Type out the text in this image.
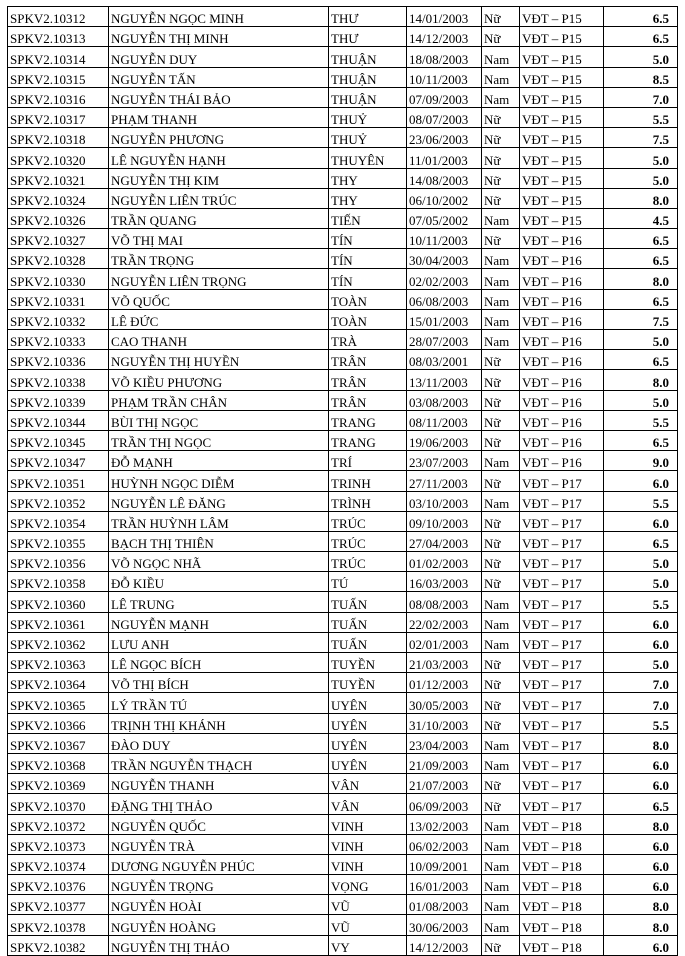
SPKV2.10312	NGUYỄN NGỌC MINH	THƯ	14/01/2003	Nữ	VĐT – P15	6.5
SPKV2.10313	NGUYỄN THỊ MINH	THƯ	14/12/2003	Nữ	VĐT – P15	6.5
SPKV2.10314	NGUYỄN DUY	THUẬN	18/08/2003	Nam	VĐT – P15	5.0
SPKV2.10315	NGUYỄN TẤN	THUẬN	10/11/2003	Nam	VĐT – P15	8.5
SPKV2.10316	NGUYỄN THÁI BẢO	THUẬN	07/09/2003	Nam	VĐT – P15	7.0
SPKV2.10317	PHẠM THANH	THUỶ	08/07/2003	Nữ	VĐT – P15	5.5
SPKV2.10318	NGUYỄN PHƯƠNG	THUỶ	23/06/2003	Nữ	VĐT – P15	7.5
SPKV2.10320	LÊ NGUYỄN HẠNH	THUYÊN	11/01/2003	Nữ	VĐT – P15	5.0
SPKV2.10321	NGUYỄN THỊ KIM	THY	14/08/2003	Nữ	VĐT – P15	5.0
SPKV2.10324	NGUYỄN LIÊN TRÚC	THY	06/10/2002	Nữ	VĐT – P15	8.0
SPKV2.10326	TRẦN QUANG	TIẾN	07/05/2002	Nam	VĐT – P15	4.5
SPKV2.10327	VÕ THỊ MAI	TÍN	10/11/2003	Nữ	VĐT – P16	6.5
SPKV2.10328	TRẦN TRỌNG	TÍN	30/04/2003	Nam	VĐT – P16	6.5
SPKV2.10330	NGUYỄN LIÊN TRỌNG	TÍN	02/02/2003	Nam	VĐT – P16	8.0
SPKV2.10331	VÕ QUỐC	TOÀN	06/08/2003	Nam	VĐT – P16	6.5
SPKV2.10332	LÊ ĐỨC	TOÀN	15/01/2003	Nam	VĐT – P16	7.5
SPKV2.10333	CAO THANH	TRÀ	28/07/2003	Nam	VĐT – P16	5.0
SPKV2.10336	NGUYỄN THỊ HUYỀN	TRÂN	08/03/2001	Nữ	VĐT – P16	6.5
SPKV2.10338	VÕ KIỀU PHƯƠNG	TRÂN	13/11/2003	Nữ	VĐT – P16	8.0
SPKV2.10339	PHẠM TRẦN CHÂN	TRÂN	03/08/2003	Nữ	VĐT – P16	5.0
SPKV2.10344	BÙI THỊ NGỌC	TRANG	08/11/2003	Nữ	VĐT – P16	5.5
SPKV2.10345	TRẦN THỊ NGỌC	TRANG	19/06/2003	Nữ	VĐT – P16	6.5
SPKV2.10347	ĐỖ MẠNH	TRÍ	23/07/2003	Nam	VĐT – P16	9.0
SPKV2.10351	HUỲNH NGỌC DIỄM	TRINH	27/11/2003	Nữ	VĐT – P17	6.0
SPKV2.10352	NGUYỄN LÊ ĐĂNG	TRÌNH	03/10/2003	Nam	VĐT – P17	5.5
SPKV2.10354	TRẦN HUỲNH LÂM	TRÚC	09/10/2003	Nữ	VĐT – P17	6.0
SPKV2.10355	BẠCH THỊ THIÊN	TRÚC	27/04/2003	Nữ	VĐT – P17	6.5
SPKV2.10356	VÕ NGỌC NHÃ	TRÚC	01/02/2003	Nữ	VĐT – P17	5.0
SPKV2.10358	ĐỖ KIỀU	TÚ	16/03/2003	Nữ	VĐT – P17	5.0
SPKV2.10360	LÊ TRUNG	TUẤN	08/08/2003	Nam	VĐT – P17	5.5
SPKV2.10361	NGUYỄN MẠNH	TUẤN	22/02/2003	Nam	VĐT – P17	6.0
SPKV2.10362	LƯU ANH	TUẤN	02/01/2003	Nam	VĐT – P17	6.0
SPKV2.10363	LÊ NGỌC BÍCH	TUYỀN	21/03/2003	Nữ	VĐT – P17	5.0
SPKV2.10364	VÕ THỊ BÍCH	TUYỀN	01/12/2003	Nữ	VĐT – P17	7.0
SPKV2.10365	LÝ TRẦN TÚ	UYÊN	30/05/2003	Nữ	VĐT – P17	7.0
SPKV2.10366	TRỊNH THỊ KHÁNH	UYÊN	31/10/2003	Nữ	VĐT – P17	5.5
SPKV2.10367	ĐÀO DUY	UYÊN	23/04/2003	Nam	VĐT – P17	8.0
SPKV2.10368	TRẦN NGUYỄN THẠCH	UYÊN	21/09/2003	Nam	VĐT – P17	6.0
SPKV2.10369	NGUYỄN THANH	VÂN	21/07/2003	Nữ	VĐT – P17	6.0
SPKV2.10370	ĐẶNG THỊ THẢO	VÂN	06/09/2003	Nữ	VĐT – P17	6.5
SPKV2.10372	NGUYỄN QUỐC	VINH	13/02/2003	Nam	VĐT – P18	8.0
SPKV2.10373	NGUYỄN TRÀ	VINH	06/02/2003	Nam	VĐT – P18	6.0
SPKV2.10374	DƯƠNG NGUYỄN PHÚC	VINH	10/09/2001	Nam	VĐT – P18	6.0
SPKV2.10376	NGUYỄN TRỌNG	VỌNG	16/01/2003	Nam	VĐT – P18	6.0
SPKV2.10377	NGUYỄN HOÀI	VŨ	01/08/2003	Nam	VĐT – P18	8.0
SPKV2.10378	NGUYỄN HOÀNG	VŨ	30/06/2003	Nam	VĐT – P18	8.0
SPKV2.10382	NGUYỄN THỊ THẢO	VY	14/12/2003	Nữ	VĐT – P18	6.0
